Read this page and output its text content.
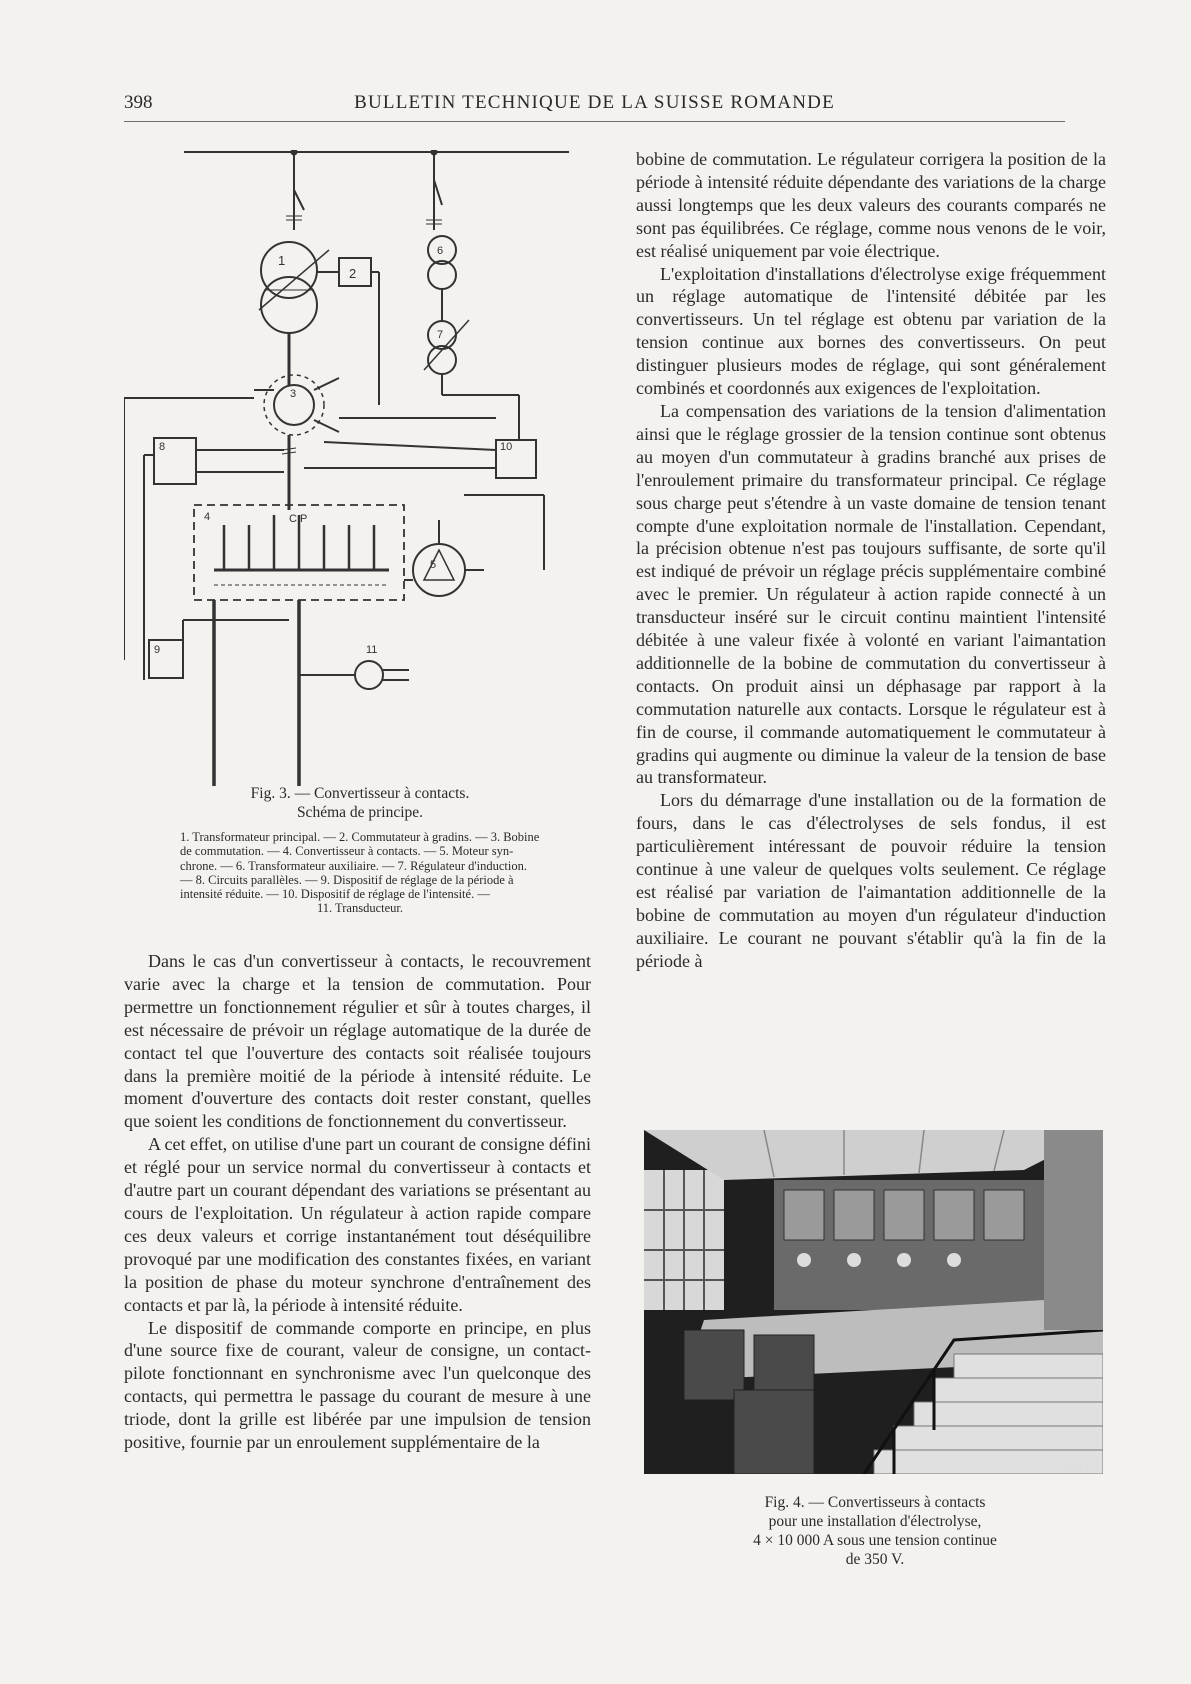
398	BULLETIN TECHNIQUE DE LA SUISSE ROMANDE
1
2
3
4
5
6
7
8
9
10
11
C P
Fig. 3. — Convertisseur à contacts.
Schéma de principe.
1. Transformateur principal. — 2. Commutateur à gradins. — 3. Bobine
de commutation. — 4. Convertisseur à contacts. — 5. Moteur syn-
chrone. — 6. Transformateur auxiliaire. — 7. Régulateur d'induction.
— 8. Circuits parallèles. — 9. Dispositif de réglage de la période à
intensité réduite. — 10. Dispositif de réglage de l'intensité. —
11. Transducteur.

Dans le cas d'un convertisseur à contacts, le recouvrement varie avec la charge et la tension de commutation. Pour permettre un fonctionnement régulier et sûr à toutes charges, il est nécessaire de prévoir un réglage automatique de la durée de contact tel que l'ouverture des contacts soit réalisée toujours dans la première moitié de la période à intensité réduite. Le moment d'ouverture des contacts doit rester constant, quelles que soient les conditions de fonctionnement du convertisseur.

A cet effet, on utilise d'une part un courant de consigne défini et réglé pour un service normal du convertisseur à contacts et d'autre part un courant dépendant des variations se présentant au cours de l'exploitation. Un régulateur à action rapide compare ces deux valeurs et corrige instantanément tout déséquilibre provoqué par une modification des constantes fixées, en variant la position de phase du moteur synchrone d'entraînement des contacts et par là, la période à intensité réduite.

Le dispositif de commande comporte en principe, en plus d'une source fixe de courant, valeur de consigne, un contact-pilote fonctionnant en synchronisme avec l'un quelconque des contacts, qui permettra le passage du courant de mesure à une triode, dont la grille est libérée par une impulsion de tension positive, fournie par un enroulement supplémentaire de la

bobine de commutation. Le régulateur corrigera la position de la période à intensité réduite dépendante des variations de la charge aussi longtemps que les deux valeurs des courants comparés ne sont pas équilibrées. Ce réglage, comme nous venons de le voir, est réalisé uniquement par voie électrique.

L'exploitation d'installations d'électrolyse exige fréquemment un réglage automatique de l'intensité débitée par les convertisseurs. Un tel réglage est obtenu par variation de la tension continue aux bornes des convertisseurs. On peut distinguer plusieurs modes de réglage, qui sont généralement combinés et coordonnés aux exigences de l'exploitation.

La compensation des variations de la tension d'alimentation ainsi que le réglage grossier de la tension continue sont obtenus au moyen d'un commutateur à gradins branché aux prises de l'enroulement primaire du transformateur principal. Ce réglage sous charge peut s'étendre à un vaste domaine de tension tenant compte d'une exploitation normale de l'installation. Cependant, la précision obtenue n'est pas toujours suffisante, de sorte qu'il est indiqué de prévoir un réglage précis supplémentaire combiné avec le premier. Un régulateur à action rapide connecté à un transducteur inséré sur le circuit continu maintient l'intensité débitée à une valeur fixée à volonté en variant l'aimantation additionnelle de la bobine de commutation du convertisseur à contacts. On produit ainsi un déphasage par rapport à la commutation naturelle aux contacts. Lorsque le régulateur est à fin de course, il commande automatiquement le commutateur à gradins qui augmente ou diminue la valeur de la tension de base au transformateur.

Lors du démarrage d'une installation ou de la formation de fours, dans le cas d'électrolyses de sels fondus, il est particulièrement intéressant de pouvoir réduire la tension continue à une valeur de quelques volts seulement. Ce réglage est réalisé par variation de l'aimantation additionnelle de la bobine de commutation au moyen d'un régulateur d'induction auxiliaire. Le courant ne pouvant s'établir qu'à la fin de la période à

85424
Fig. 4. — Convertisseurs à contacts
pour une installation d'électrolyse,
4 × 10 000 A sous une tension continue
de 350 V.
